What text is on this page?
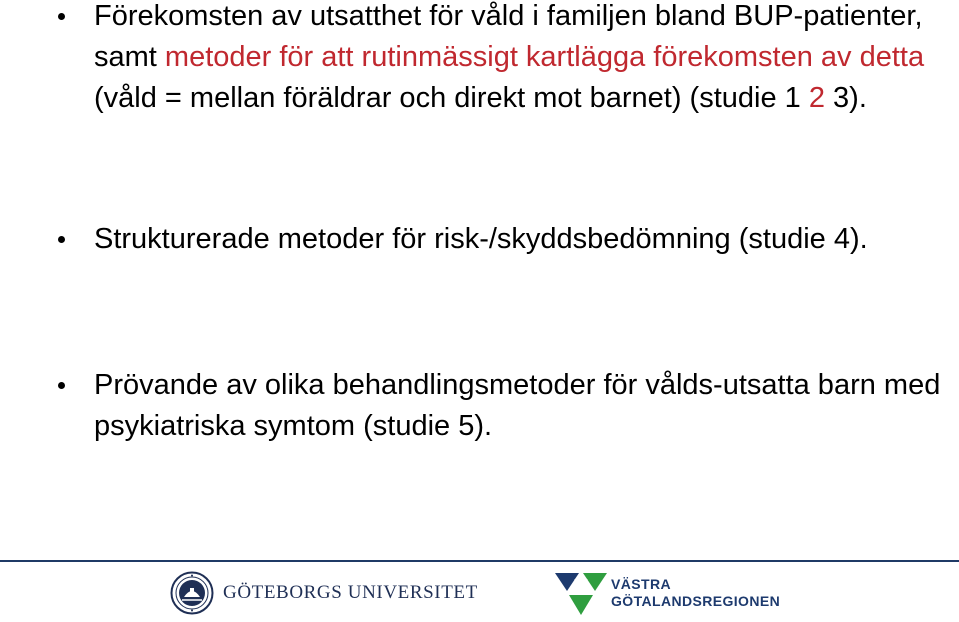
Förekomsten av utsatthet för våld i familjen bland BUP-patienter, samt metoder för att rutinmässigt kartlägga förekomsten av detta (våld = mellan föräldrar och direkt mot barnet) (studie 1 2 3).
Strukturerade metoder för risk-/skyddsbedömning (studie 4).
Prövande av olika behandlingsmetoder för vålds-utsatta barn med psykiatriska symtom (studie 5).
GÖTEBORGS UNIVERSITET	VÄSTRA
GÖTALANDSREGIONEN
